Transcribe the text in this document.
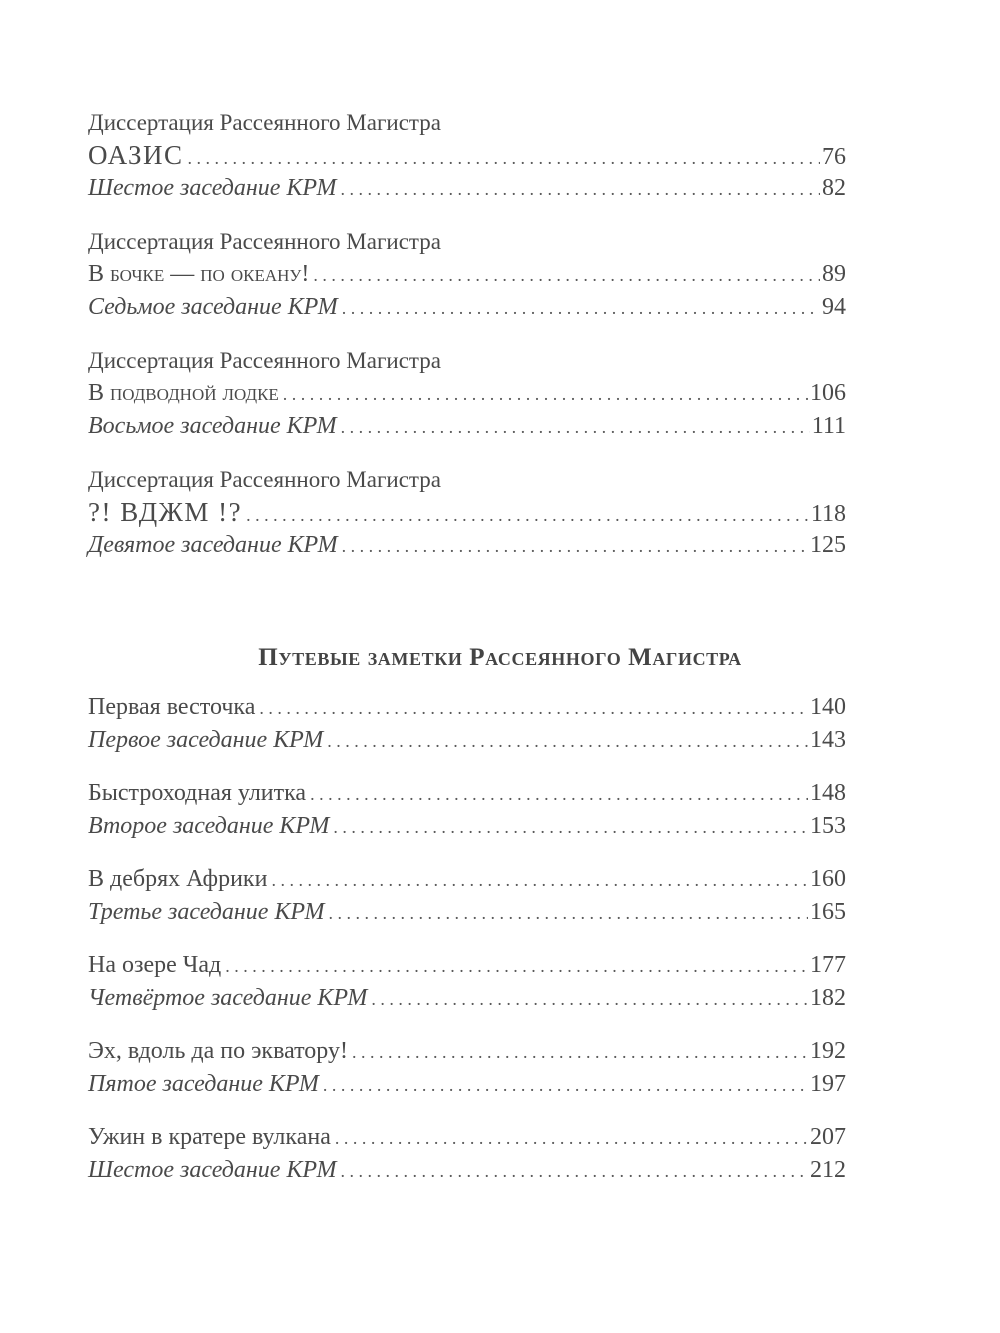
Диссертация Рассеянного Магистра
ОАЗИС . . .	76
Шестое заседание КРМ . . .	82
Диссертация Рассеянного Магистра
В бочке — по океану! . . .	89
Седьмое заседание КРМ . . .	94
Диссертация Рассеянного Магистра
В подводной лодке . . .	106
Восьмое заседание КРМ . . .	111
Диссертация Рассеянного Магистра
?! ВДЖМ !? . . .	118
Девятое заседание КРМ . . .	125
Путевые заметки Рассеянного Магистра
Первая весточка . . .	140
Первое заседание КРМ . . .	143
Быстроходная улитка . . .	148
Второе заседание КРМ . . .	153
В дебрях Африки . . .	160
Третье заседание КРМ . . .	165
На озере Чад . . .	177
Четвёртое заседание КРМ . . .	182
Эх, вдоль да по экватору! . . .	192
Пятое заседание КРМ . . .	197
Ужин в кратере вулкана . . .	207
Шестое заседание КРМ . . .	212
